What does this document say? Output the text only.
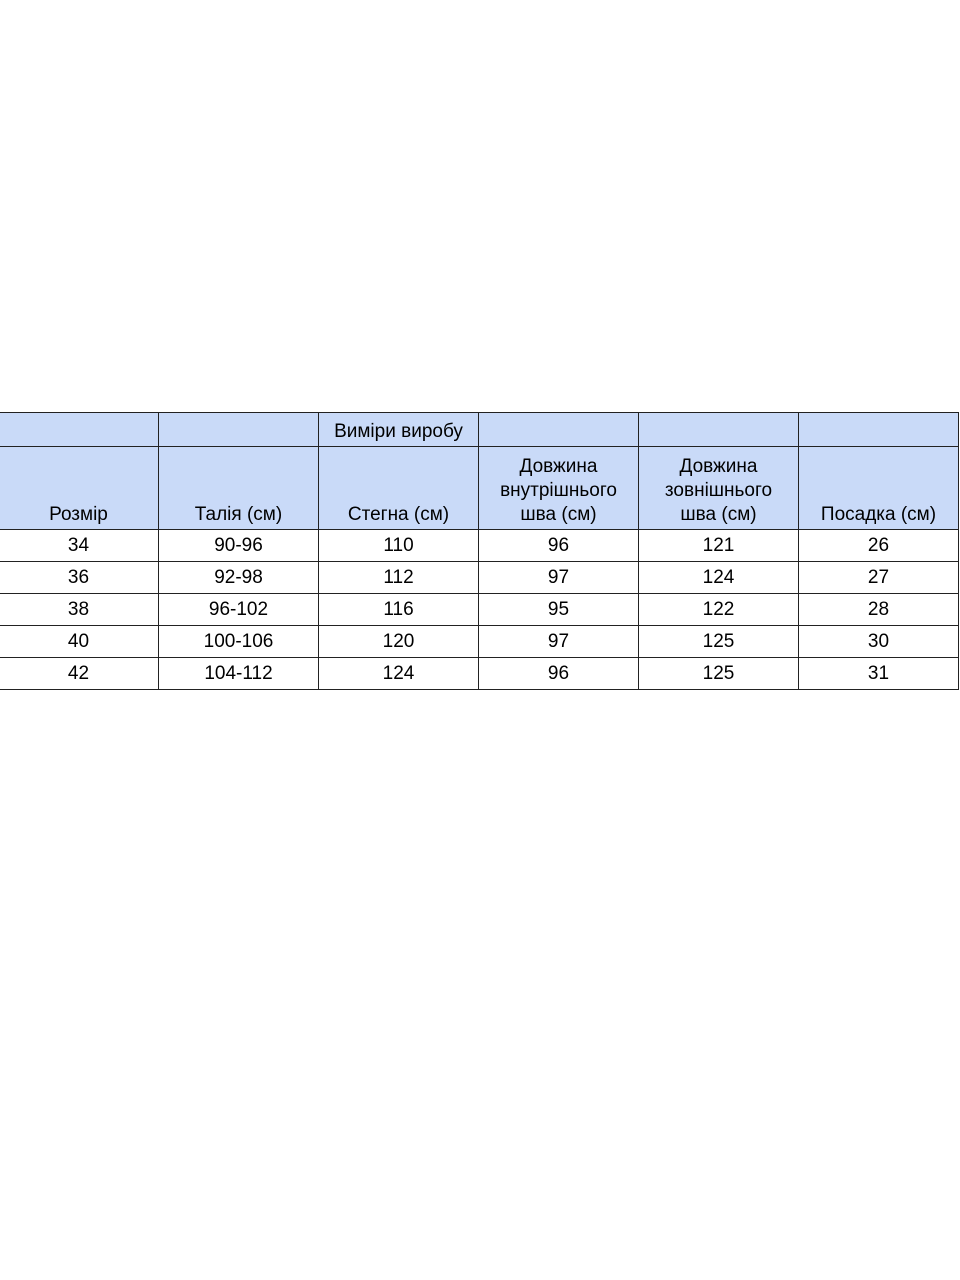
		Виміри виробу			
Розмір	Талія (см)	Стегна (см)	Довжина
внутрішнього
шва (см)	Довжина
зовнішнього
шва (см)	Посадка (см)
34	90-96	110	96	121	26
36	92-98	112	97	124	27
38	96-102	116	95	122	28
40	100-106	120	97	125	30
42	104-112	124	96	125	31
